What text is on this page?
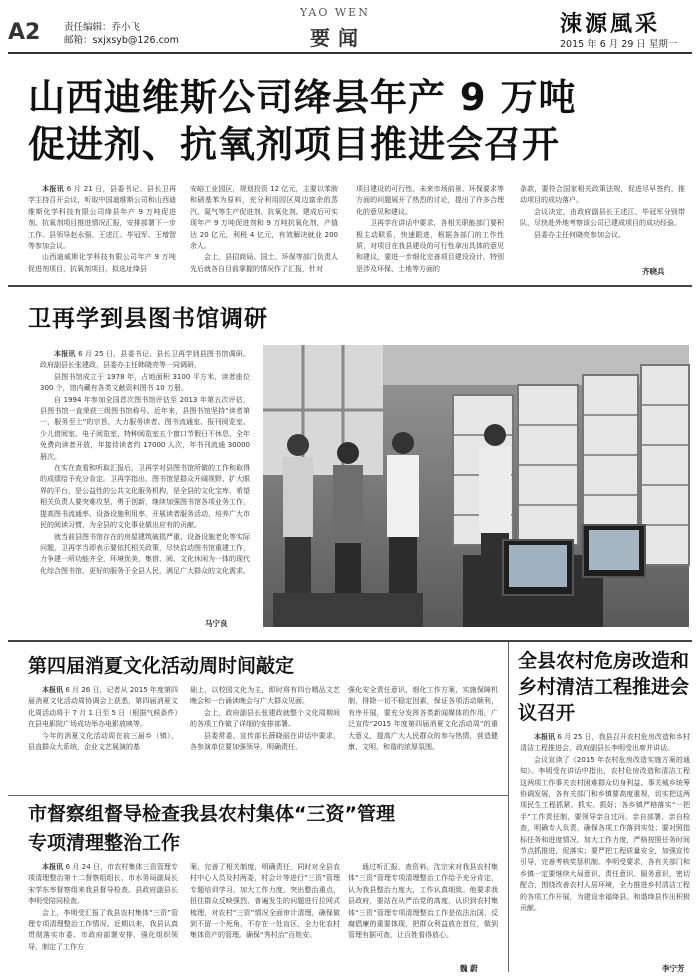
A2 责任编辑：乔小飞
邮箱：sxjxsyb@126.com
YAO WEN
要闻
涑源風采
2015 年 6 月 29 日 星期一
山西迪维斯公司绛县年产 9 万吨
促进剂、抗氧剂项目推进会召开

本报讯 6 月 21 日，县委书记、县长卫再学主持召开会议，听取中国迪维斯公司和山西迪维斯化学科技有限公司绛县年产 9 万吨促进剂、抗氧剂项目推进情况汇报，安排部署下一步工作。县领导赵永强、王述江、毕冠军、王增智等参加会议。

山西迪威斯化学科技有限公司年产 9 万吨促进剂项目，抗氧剂项目，拟选址绛县

安峪工业园区，规划投资 12 亿元，主要以苯胺和硝基苯为原料，充分利用园区周边富余的蒸汽、氮气等生产促进剂、抗氧化剂。建成后可实现年产 9 万吨促进剂和 9 万吨抗氧化剂，产值达 20 亿元，利税 4 亿元，有效解决就业 200 余人。

会上，县招商局、国土、环保等部门负责人先后就各自目前掌握的情况作了汇报，针对

项目建设的可行性、未来市场前景、环保要求等方面的问题展开了热烈的讨论，提出了许多合理化的意见和建议。

卫再学在讲话中要求，各相关职能部门要积极主动联系，快速跟进，根据各部门的工作性质，对项目在我县建设的可行性拿出具体的意见和建议，要进一步细化完善项目建设设计，特别是涉及环保、土地等方面的

条款，要符合国家相关政策法规，促进尽早签约，推动项目的成功落户。

会议决定，由政府副县长王述江、毕冠军分别带队，尽快赴外地考察该公司已建成项目的成功经验。

县委办主任何晓亮参加会议。

齐晓兵
卫再学到县图书馆调研

本报讯 6 月 25 日，县委书记、县长卫再学到县图书馆调研。政府副县长张建政，县委办主任韩晓亮等一同调研。

县图书馆成立于 1978 年，占地面积 3100 平方米，读者座位 300 个，馆内藏有各类文献资料图书 10 万册。

自 1994 年参加全国首次图书馆评估至 2013 年第五次评估，县图书馆一直荣获三级图书馆称号。近年来，县图书馆坚持“读者第一，服务至上”的宗旨，大力服务读者。图书流通室、报刊阅览室、少儿借阅室、电子阅览室、特种阅览室五个窗口节假日不休息，全年免费向读者开放，年接待读者约 17000 人次，年书刊流通 30000 册次。

在实在查看和听取汇报后，卫再学对县图书馆所做的工作和取得的成绩给予充分肯定。卫再学指出，图书馆是群众开阔视野、扩大眼界的平台，是公益性的公共文化服务机构，是全县的文化宝库，希望相关负责人要突难攻坚、勇于创新，继续加强图书馆各项业务工作，提高图书流通率、设备设施利用率，开展读者服务活动，培养广大市民的阅读习惯，为全县的文化事业做出应有的贡献。

就当前县图书馆存在的房屋建筑破损严重、设备设施老化等实际问题，卫再学当即表示要依托相关政策，尽快启动图书馆重建工作，力争建一所功能齐全，环境优美，集借、阅、文化休闲为一体的现代化综合图书馆，更好的服务于全县人民，满足广大群众的文化需求。

马宁良
第四届消夏文化活动周时间敲定

本报讯 6 月 26 日，记者从 2015 年度第四届消夏文化活动周协调会上获悉，第四届消夏文化周活动将于 7 月 1 日至 5 日（根据气候条件）在县电影院广场成功举办电影放映等。

今年的消夏文化活动周在前三届乡（镇），县直群众大系统，企业文艺展演的基

础上，以校园文化为主，即时将有四台精品文艺晚会和一台诵读晚会与广大群众见面。

会上，政府副县长张建政就整个文化周期间的各项工作做了详细的安排部署。

县委常委、宣传部长薛晓丽在讲话中要求，各参演单位要加强领导，明确责任，

强化安全责任意识，细化工作方案，实施保障机制，排除一切不稳定因素，保证各项活动顺利，有序开展，要充分发挥各类新闻媒体的作用，广泛宣传“2015 年度第四届消夏文化活动周”的重大意义，提高广大人民群众的参与热情，营造健康、文明、和谐的浓厚氛围。

全县农村危房改造和乡村清洁工程推进会议召开

本报讯 6 月 25 日，我县召开农村危房改造和乡村清洁工程推进会，政府副县长李明受出席并讲话。

会议宣读了《2015 年农村危房改造实施方案的通知》。李明受在讲话中指出，农村危房改造和清洁工程这两项工作事关农村困难群众切身利益。事关城乡统筹协调发展，各有关部门和乡镇要高度重视，切实把这两项民生工程抓紧、抓实、抓好；各乡镇严格落实“一把手”工作责任制，要领导亲自过问、亲自部署、亲自检查，明确专人负责，确保各项工作落到实处；要对照指标任务和进度情况，加大工作力度，严格按照任务时间节点抓推进，促落实；要严把工程质量安全，加强宣传引导，完善考核奖惩机制。李明受要求，各有关部门和乡镇一定要继续大局意识、责任意识、服务意识，密切配合，围绕改善农村人居环境，全力推进乡村清洁工程的各项工作开展，为建设幸福绛县、和谐绛县作出积极贡献。

李宁芳
市督察组督导检查我县农村集体“三资”管理
专项清理整治工作

本报讯 6 月 24 日，市农村集体三资管理专项清理整治第十二督察组组长、市水务局副局长宋学东率督察组来我县督导检查。县政府副县长李明受陪同检查。

会上，李明受汇报了我县农村集体“三资”管理专项清理整治工作情况。近期以来，我县认真贯彻落实市委、市政府部署安排，强化组织领导，制定了工作方

案，完善了相关制度，明确责任，同时对全县农村中心人员及村两委，村会计等进行“三资”管理专题培训学习，加大工作力度，突出整治重点，扭住群众反映强烈、普遍发生的问题进行拉网式梳理，对农村“三资”情况全面审计清理，确保做到不留一个死角，不存在一处盲区，全力化农村集体资产的管理。确保“秀村治”百姓安。

通过听汇报，查资料，沈宗宋对我县农村集体“三资”管理专项清理整治工作给予充分肯定，认为我县整治力度大，工作认真细致。他要求我县政府，要站在从严治党的高度，认识到农村集体“三资”管理专项清理整治工作是依法治国、反腐倡廉的重要体现，把群众利益放在首位，做到管理有据可查，让百姓看得放心。

魏 蔚
